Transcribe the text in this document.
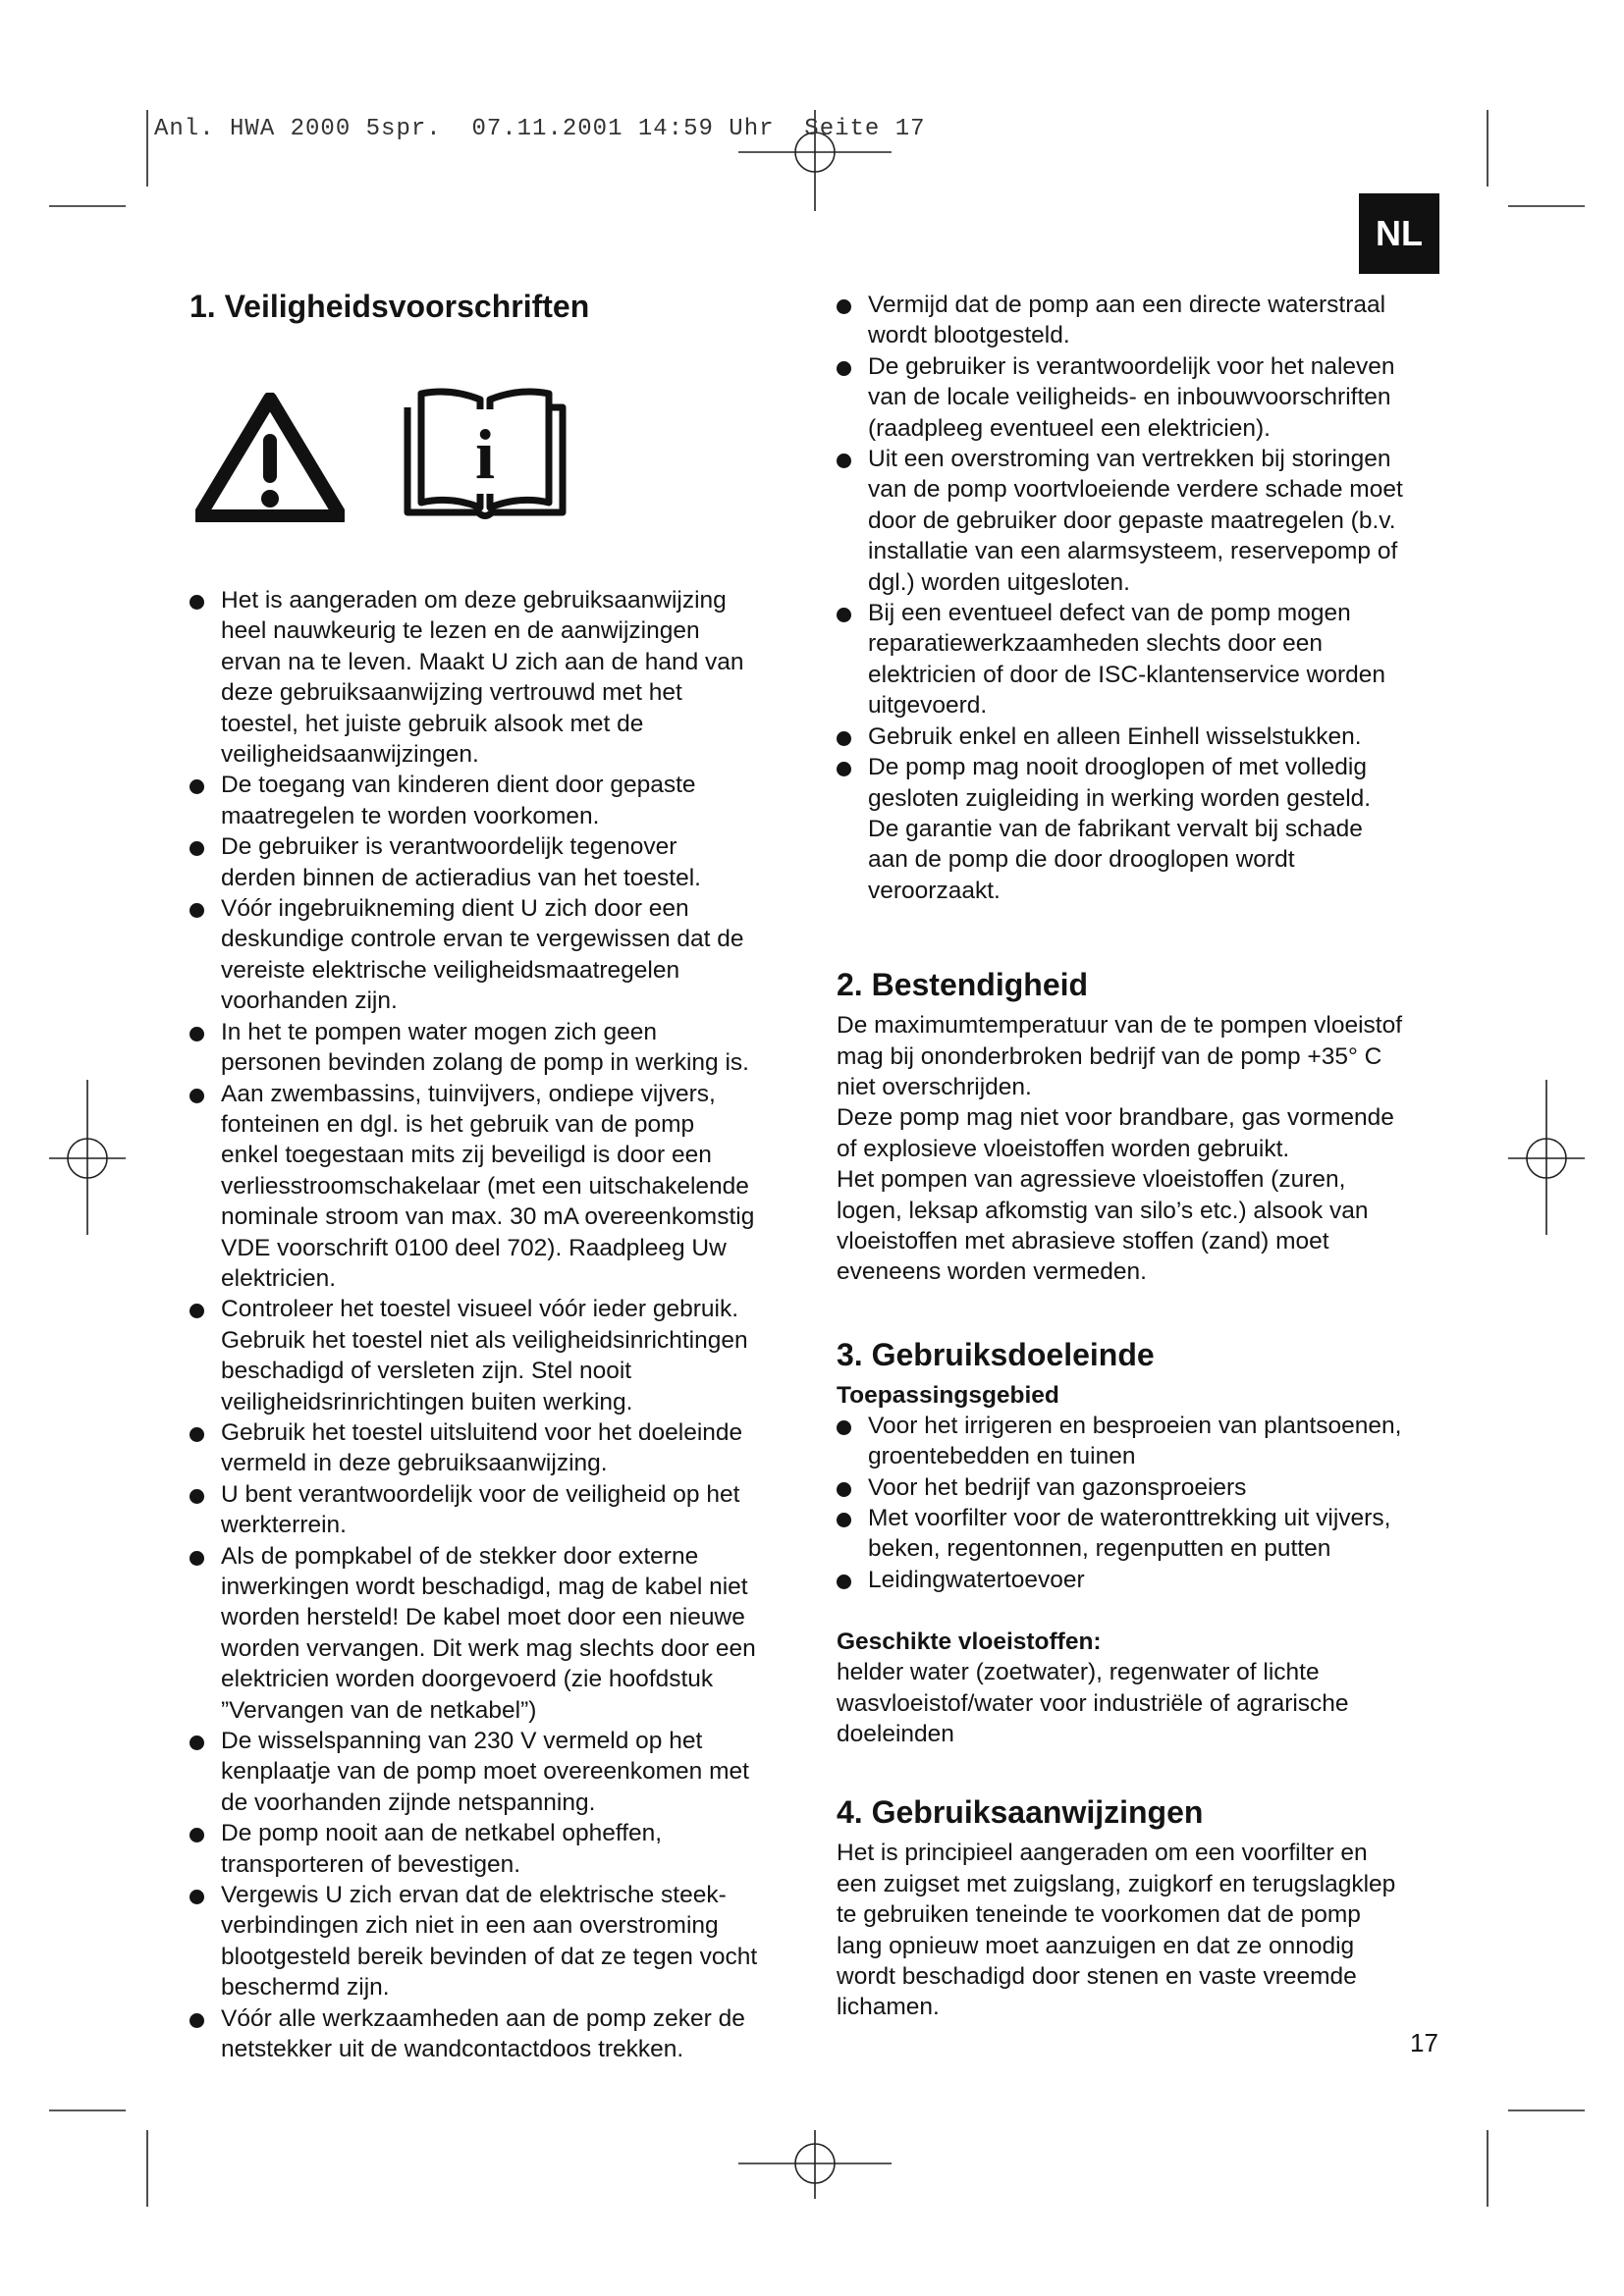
Anl. HWA 2000 5spr.  07.11.2001 14:59 Uhr  Seite 17
NL
1. Veiligheidsvoorschriften
i
Het is aangeraden om deze gebruiksaanwijzing
heel nauwkeurig te lezen en de aanwijzingen
ervan na te leven. Maakt U zich aan de hand van
deze gebruiksaanwijzing vertrouwd met het
toestel, het juiste gebruik alsook met de
veiligheidsaanwijzingen.
De toegang van kinderen dient door gepaste
maatregelen te worden voorkomen.
De gebruiker is verantwoordelijk tegenover
derden binnen de actieradius van het toestel.
Vóór ingebruikneming dient U zich door een
deskundige controle ervan te vergewissen dat de
vereiste elektrische veiligheidsmaatregelen
voorhanden zijn.
In het te pompen water mogen zich geen
personen bevinden zolang de pomp in werking is.
Aan zwembassins, tuinvijvers, ondiepe vijvers,
fonteinen en dgl. is het gebruik van de pomp
enkel toegestaan mits zij beveiligd is door een
verliesstroomschakelaar (met een uitschakelende
nominale stroom van max. 30 mA overeenkomstig
VDE voorschrift 0100 deel 702). Raadpleeg Uw
elektricien.
Controleer het toestel visueel vóór ieder gebruik.
Gebruik het toestel niet als veiligheidsinrichtingen
beschadigd of versleten zijn. Stel nooit
veiligheidsrinrichtingen buiten werking.
Gebruik het toestel uitsluitend voor het doeleinde
vermeld in deze gebruiksaanwijzing.
U bent verantwoordelijk voor de veiligheid op het
werkterrein.
Als de pompkabel of de stekker door externe
inwerkingen wordt beschadigd, mag de kabel niet
worden hersteld! De kabel moet door een nieuwe
worden vervangen. Dit werk mag slechts door een
elektricien worden doorgevoerd (zie hoofdstuk
”Vervangen van de netkabel”)
De wisselspanning van 230 V vermeld op het
kenplaatje van de pomp moet overeenkomen met
de voorhanden zijnde netspanning.
De pomp nooit aan de netkabel opheffen,
transporteren of bevestigen.
Vergewis U zich ervan dat de elektrische steek-
verbindingen zich niet in een aan overstroming
blootgesteld bereik bevinden of dat ze tegen vocht
beschermd zijn.
Vóór alle werkzaamheden aan de pomp zeker de
netstekker uit de wandcontactdoos trekken.
Vermijd dat de pomp aan een directe waterstraal
wordt blootgesteld.
De gebruiker is verantwoordelijk voor het naleven
van de locale veiligheids- en inbouwvoorschriften
(raadpleeg eventueel een elektricien).
Uit een overstroming van vertrekken bij storingen
van de pomp voortvloeiende verdere schade moet
door de gebruiker door gepaste maatregelen (b.v.
installatie van een alarmsysteem, reservepomp of
dgl.) worden uitgesloten.
Bij een eventueel defect van de pomp mogen
reparatiewerkzaamheden slechts door een
elektricien of door de ISC-klantenservice worden
uitgevoerd.
Gebruik enkel en alleen Einhell wisselstukken.
De pomp mag nooit drooglopen of met volledig
gesloten zuigleiding in werking worden gesteld.
De garantie van de fabrikant vervalt bij schade
aan de pomp die door drooglopen wordt
veroorzaakt.
2. Bestendigheid

De maximumtemperatuur van de te pompen vloeistof
mag bij ononderbroken bedrijf van de pomp +35° C
niet overschrijden.

Deze pomp mag niet voor brandbare, gas vormende
of explosieve vloeistoffen worden gebruikt.

Het pompen van agressieve vloeistoffen (zuren,
logen, leksap afkomstig van silo’s etc.) alsook van
vloeistoffen met abrasieve stoffen (zand) moet
eveneens worden vermeden.

3. Gebruiksdoeleinde
Toepassingsgebied
Voor het irrigeren en besproeien van plantsoenen,
groentebedden en tuinen
Voor het bedrijf van gazonsproeiers
Met voorfilter voor de wateronttrekking uit vijvers,
beken, regentonnen, regenputten en putten
Leidingwatertoevoer
Geschikte vloeistoffen:

helder water (zoetwater), regenwater of lichte
wasvloeistof/water voor industriële of agrarische
doeleinden

4. Gebruiksaanwijzingen

Het is principieel aangeraden om een voorfilter en
een zuigset met zuigslang, zuigkorf en terugslagklep
te gebruiken teneinde te voorkomen dat de pomp
lang opnieuw moet aanzuigen en dat ze onnodig
wordt beschadigd door stenen en vaste vreemde
lichamen.

17
